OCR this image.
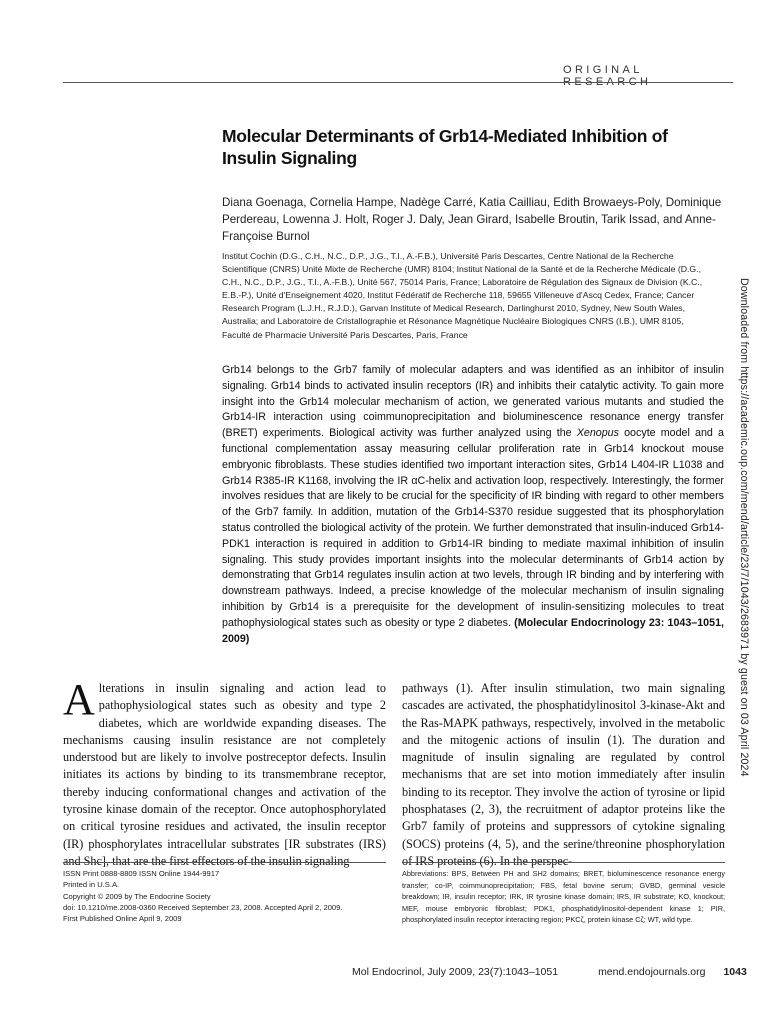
ORIGINAL RESEARCH
Molecular Determinants of Grb14-Mediated Inhibition of Insulin Signaling
Diana Goenaga, Cornelia Hampe, Nadège Carré, Katia Cailliau, Edith Browaeys-Poly, Dominique Perdereau, Lowenna J. Holt, Roger J. Daly, Jean Girard, Isabelle Broutin, Tarik Issad, and Anne-Françoise Burnol
Institut Cochin (D.G., C.H., N.C., D.P., J.G., T.I., A.-F.B.), Université Paris Descartes, Centre National de la Recherche Scientifique (CNRS) Unité Mixte de Recherche (UMR) 8104; Institut National de la Santé et de la Recherche Médicale (D.G., C.H., N.C., D.P., J.G., T.I., A.-F.B.), Unité 567, 75014 Paris, France; Laboratoire de Régulation des Signaux de Division (K.C., E.B.-P.), Unité d'Enseignement 4020, Institut Fédératif de Recherche 118, 59655 Villeneuve d'Ascq Cedex, France; Cancer Research Program (L.J.H., R.J.D.), Garvan Institute of Medical Research, Darlinghurst 2010, Sydney, New South Wales, Australia; and Laboratoire de Cristallographie et Résonance Magnétique Nucléaire Biologiques CNRS (I.B.), UMR 8105, Faculté de Pharmacie Université Paris Descartes, Paris, France
Grb14 belongs to the Grb7 family of molecular adapters and was identified as an inhibitor of insulin signaling. Grb14 binds to activated insulin receptors (IR) and inhibits their catalytic activity. To gain more insight into the Grb14 molecular mechanism of action, we generated various mutants and studied the Grb14-IR interaction using coimmunoprecipitation and bioluminescence resonance energy transfer (BRET) experiments. Biological activity was further analyzed using the Xenopus oocyte model and a functional complementation assay measuring cellular proliferation rate in Grb14 knockout mouse embryonic fibroblasts. These studies identified two important interaction sites, Grb14 L404-IR L1038 and Grb14 R385-IR K1168, involving the IR αC-helix and activation loop, respectively. Interestingly, the former involves residues that are likely to be crucial for the specificity of IR binding with regard to other members of the Grb7 family. In addition, mutation of the Grb14-S370 residue suggested that its phosphorylation status controlled the biological activity of the protein. We further demonstrated that insulin-induced Grb14-PDK1 interaction is required in addition to Grb14-IR binding to mediate maximal inhibition of insulin signaling. This study provides important insights into the molecular determinants of Grb14 action by demonstrating that Grb14 regulates insulin action at two levels, through IR binding and by interfering with downstream pathways. Indeed, a precise knowledge of the molecular mechanism of insulin signaling inhibition by Grb14 is a prerequisite for the development of insulin-sensitizing molecules to treat pathophysiological states such as obesity or type 2 diabetes. (Molecular Endocrinology 23: 1043–1051, 2009)
Alterations in insulin signaling and action lead to pathophysiological states such as obesity and type 2 diabetes, which are worldwide expanding diseases. The mechanisms causing insulin resistance are not completely understood but are likely to involve postreceptor defects. Insulin initiates its actions by binding to its transmembrane receptor, thereby inducing conformational changes and activation of the tyrosine kinase domain of the receptor. Once autophosphorylated on critical tyrosine residues and activated, the insulin receptor (IR) phosphorylates intracellular substrates [IR substrates (IRS) and Shc], that are the first effectors of the insulin signaling
pathways (1). After insulin stimulation, two main signaling cascades are activated, the phosphatidylinositol 3-kinase-Akt and the Ras-MAPK pathways, respectively, involved in the metabolic and the mitogenic actions of insulin (1). The duration and magnitude of insulin signaling are regulated by control mechanisms that are set into motion immediately after insulin binding to its receptor. They involve the action of tyrosine or lipid phosphatases (2, 3), the recruitment of adaptor proteins like the Grb7 family of proteins and suppressors of cytokine signaling (SOCS) proteins (4, 5), and the serine/threonine phosphorylation of IRS proteins (6). In the perspec-
ISSN Print 0888-8809 ISSN Online 1944-9917
Printed in U.S.A.
Copyright © 2009 by The Endocrine Society
doi: 10.1210/me.2008-0360 Received September 23, 2008. Accepted April 2, 2009.
First Published Online April 9, 2009
Abbreviations: BPS, Between PH and SH2 domains; BRET, bioluminescence resonance energy transfer; co-IP, coimmunoprecipitation; FBS, fetal bovine serum; GVBD, germinal vesicle breakdown; IR, insulin receptor; IRK, IR tyrosine kinase domain; IRS, IR substrate; KO, knockout; MEF, mouse embryonic fibroblast; PDK1, phosphatidylinositol-dependent kinase 1; PIR, phosphorylated insulin receptor interacting region; PKCζ, protein kinase Cζ; WT, wild type.
Mol Endocrinol, July 2009, 23(7):1043–1051	mend.endojournals.org 1043
Downloaded from https://academic.oup.com/mend/article/23/7/1043/2683971 by guest on 03 April 2024
